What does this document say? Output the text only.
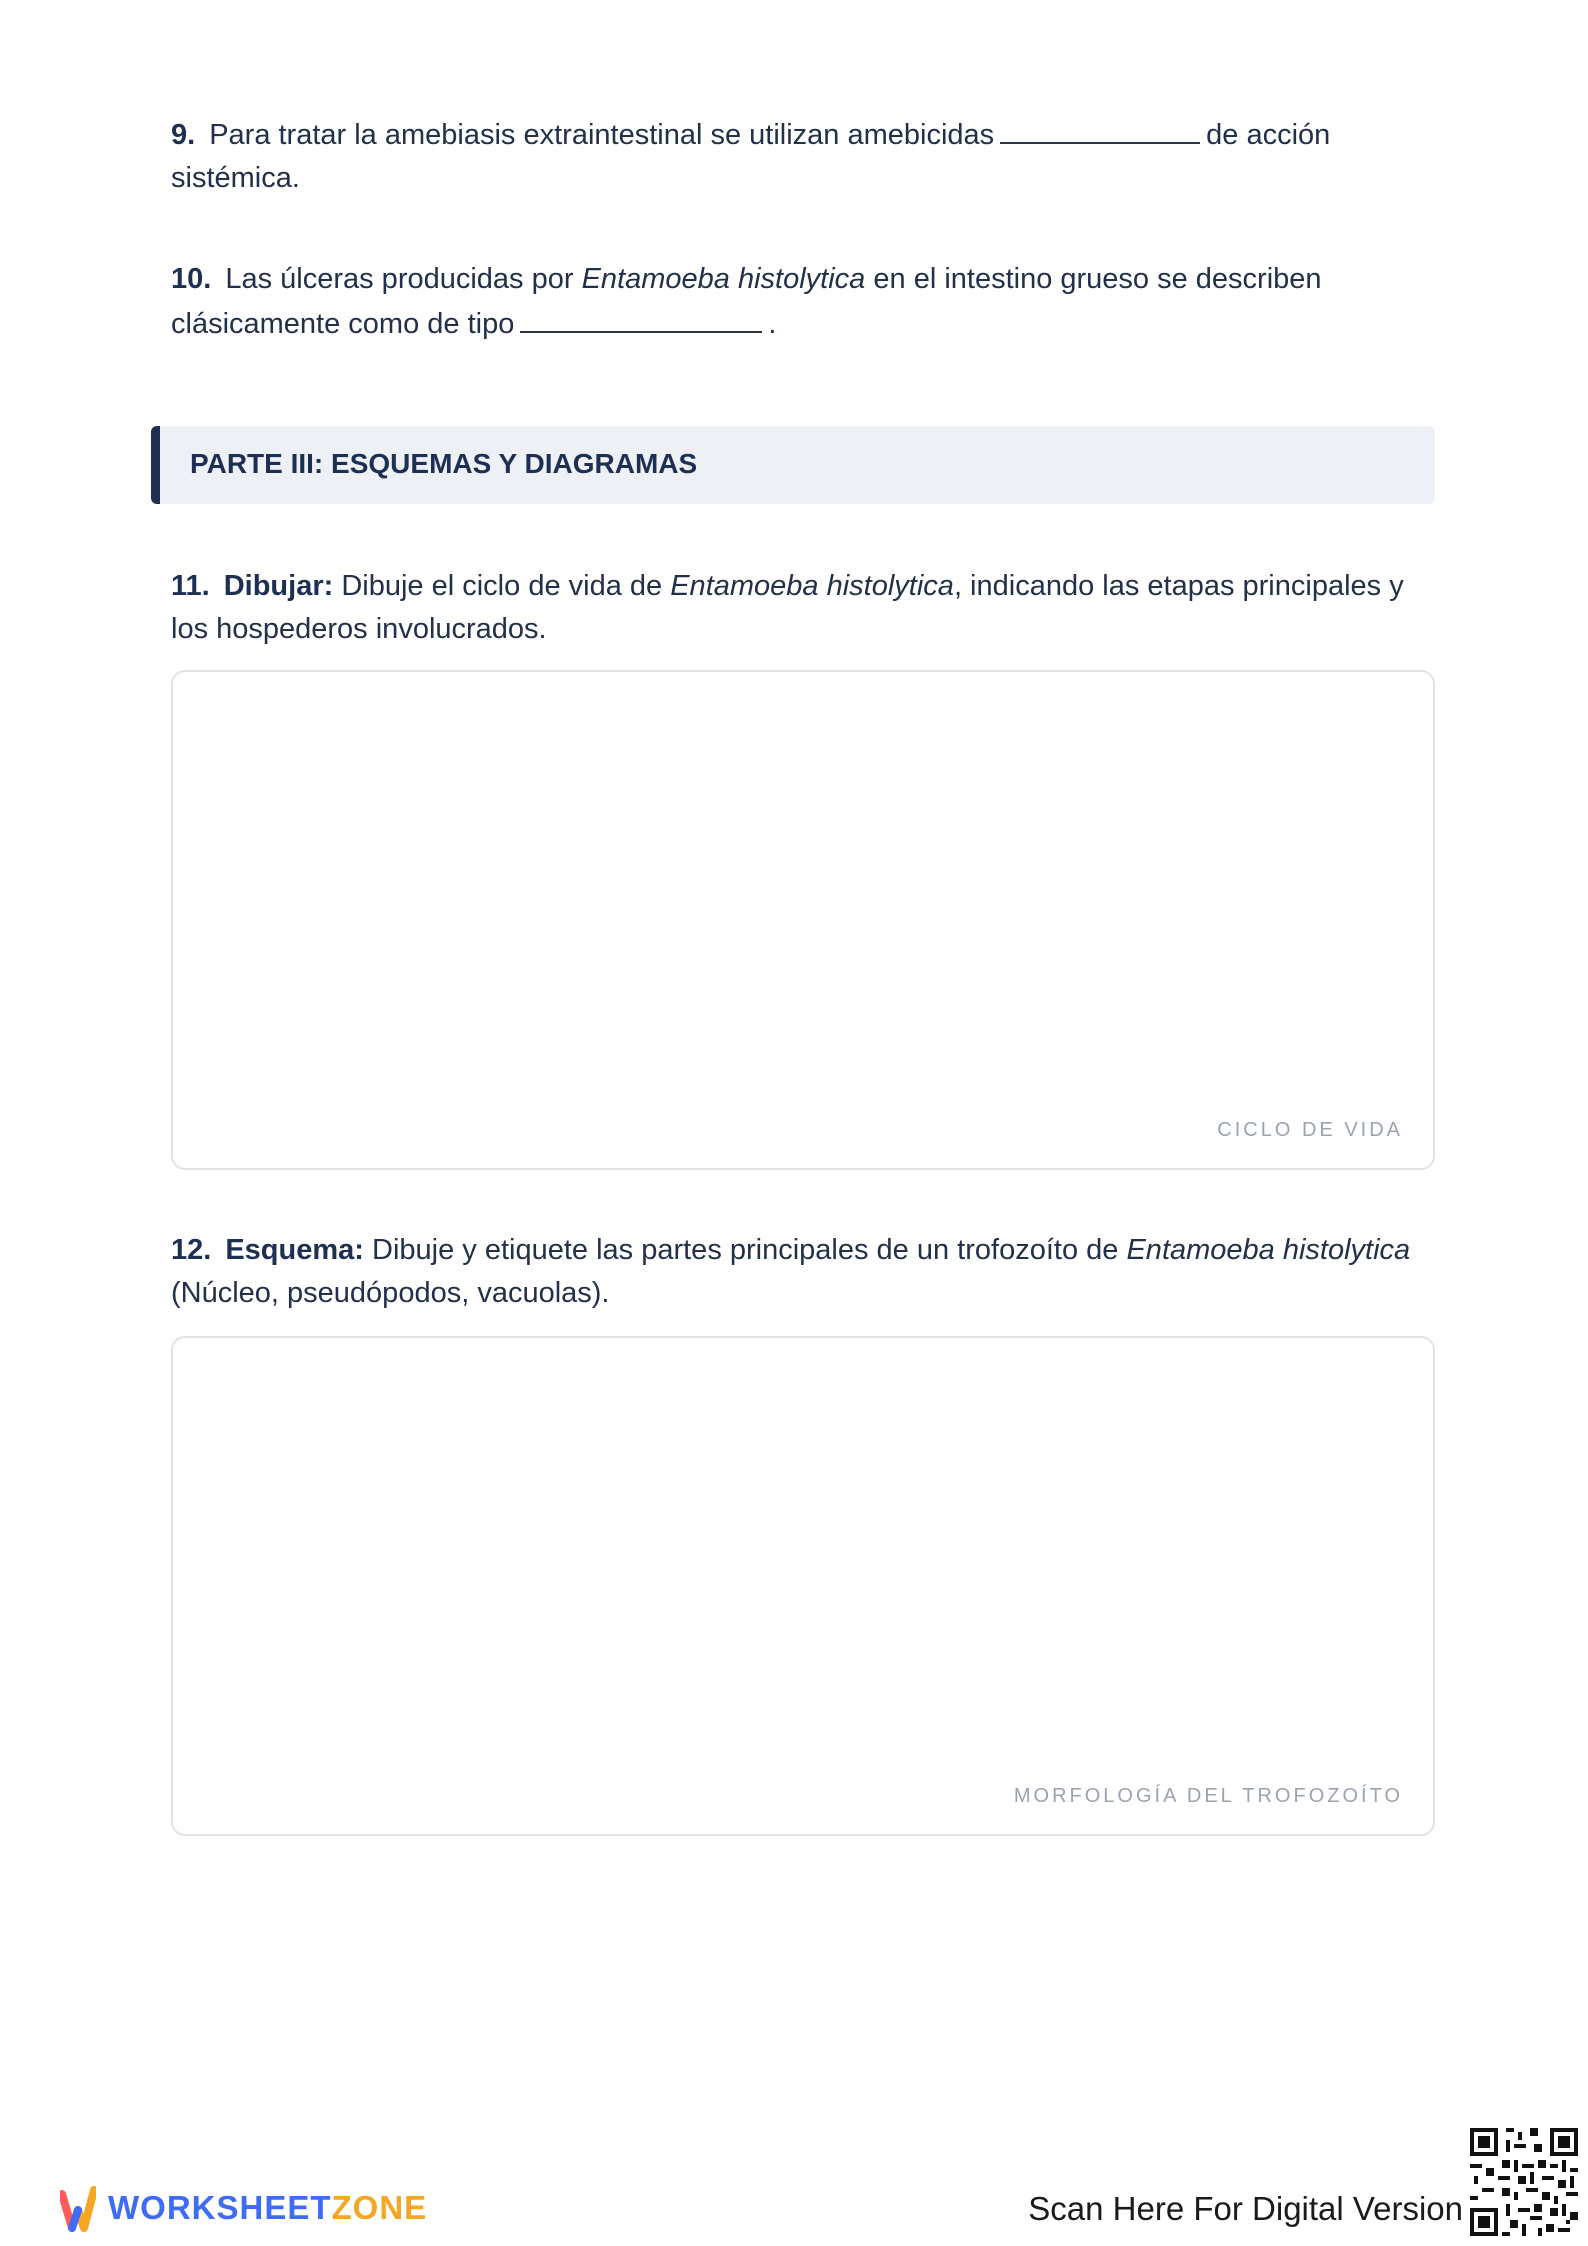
9. Para tratar la amebiasis extraintestinal se utilizan amebicidas	de acción
sistémica.
10. Las úlceras producidas por Entamoeba histolytica en el intestino grueso se describen
clásicamente como de tipo	.
PARTE III: ESQUEMAS Y DIAGRAMAS
11. Dibujar: Dibuje el ciclo de vida de Entamoeba histolytica, indicando las etapas principales y
los hospederos involucrados.
CICLO DE VIDA
12. Esquema: Dibuje y etiquete las partes principales de un trofozoíto de Entamoeba histolytica
(Núcleo, pseudópodos, vacuolas).
MORFOLOGÍA DEL TROFOZOÍTO
WORKSHEETZONE	Scan Here For Digital Version
